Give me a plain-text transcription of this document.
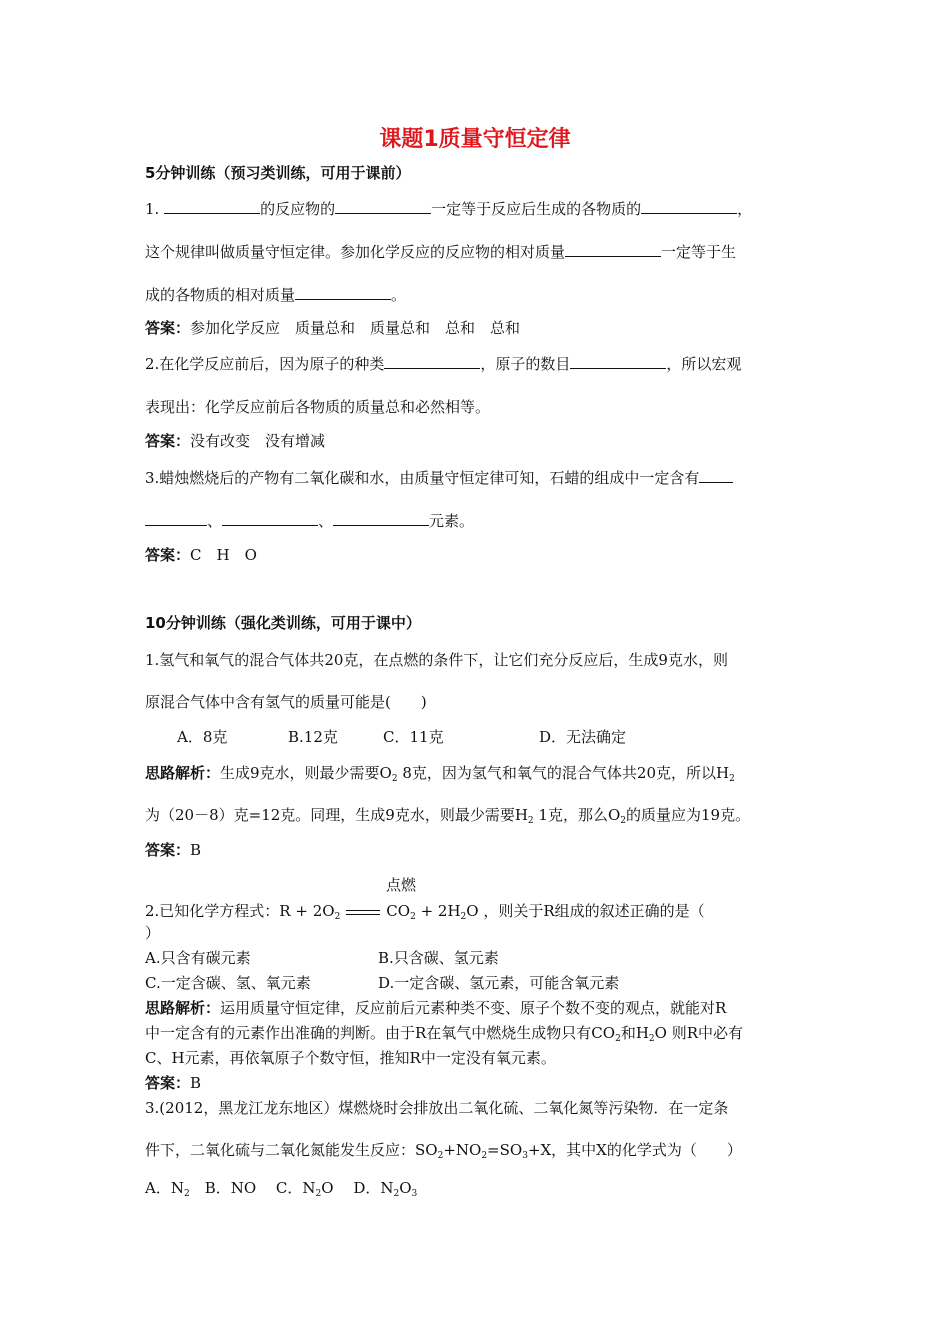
课题1质量守恒定律
5分钟训练（预习类训练，可用于课前）
1.	的反应物的	一定等于反应后生成的各物质的	，
这个规律叫做质量守恒定律。参加化学反应的反应物的相对质量	一定等于生
成的各物质的相对质量	。
答案：参加化学反应　质量总和　质量总和　总和　总和
2.在化学反应前后，因为原子的种类	，原子的数目	，所以宏观
表现出：化学反应前后各物质的质量总和必然相等。
答案：没有改变　没有增减
3.蜡烛燃烧后的产物有二氧化碳和水，由质量守恒定律可知，石蜡的组成中一定含有
、	、	元素。
答案：C　H　O
10分钟训练（强化类训练，可用于课中）
1.氢气和氧气的混合气体共20克，在点燃的条件下，让它们充分反应后，生成9克水，则
原混合气体中含有氢气的质量可能是(　　)
A．8克	B.12克	C．11克	D．无法确定
思路解析：生成9克水，则最少需要$O_2$ 8克，因为氢气和氧气的混合气体共20克，所以$H_2$
为（20－8）克=12克。同理，生成9克水，则最少需要$H_2$ 1克，那么$O_2$的质量应为19克。
答案：B
点燃
2.已知化学方程式：$R + 2O_2$	$CO_2 + 2H_2O$ ，则关于R组成的叙述正确的是（
）
A.只含有碳元素	B.只含碳、氢元素
C.一定含碳、氢、氧元素	D.一定含碳、氢元素，可能含氧元素
思路解析：运用质量守恒定律，反应前后元素种类不变、原子个数不变的观点，就能对R
中一定含有的元素作出准确的判断。由于R在氧气中燃烧生成物只有$CO_2$和$H_2O$ 则R中必有
C、H元素，再依氧原子个数守恒，推知R中一定没有氧元素。
答案：B
3.(2012，黑龙江龙东地区）煤燃烧时会排放出二氧化硫、二氧化氮等污染物．在一定条
件下，二氧化硫与二氧化氮能发生反应：$SO_2+NO_2=SO_3+X$，其中X的化学式为（　　）
A．$N_2$　B．NO　 C．$N_2O$　 D．$N_2O_3$
